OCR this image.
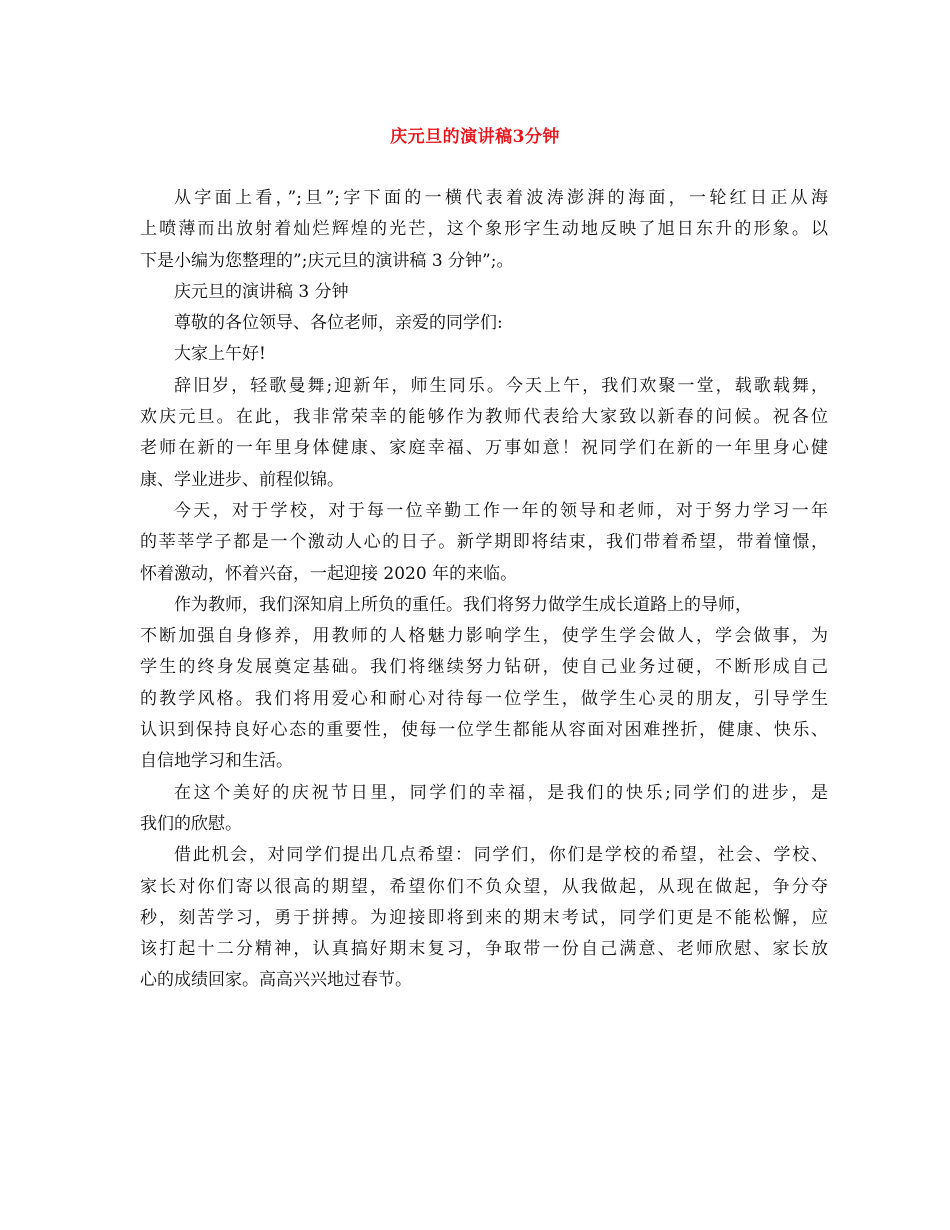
庆元旦的演讲稿3分钟
从字面上看，”;旦”;字下面的一横代表着波涛澎湃的海面，一轮红日正从海
上喷薄而出放射着灿烂辉煌的光芒，这个象形字生动地反映了旭日东升的形象。以
下是小编为您整理的”;庆元旦的演讲稿 3 分钟”;。
庆元旦的演讲稿 3 分钟
尊敬的各位领导、各位老师，亲爱的同学们:
大家上午好!
辞旧岁，轻歌曼舞;迎新年，师生同乐。今天上午，我们欢聚一堂，载歌载舞，
欢庆元旦。在此，我非常荣幸的能够作为教师代表给大家致以新春的问候。祝各位
老师在新的一年里身体健康、家庭幸福、万事如意！祝同学们在新的一年里身心健
康、学业进步、前程似锦。
今天，对于学校，对于每一位辛勤工作一年的领导和老师，对于努力学习一年
的莘莘学子都是一个激动人心的日子。新学期即将结束，我们带着希望，带着憧憬，
怀着激动，怀着兴奋，一起迎接 2020 年的来临。
作为教师，我们深知肩上所负的重任。我们将努力做学生成长道路上的导师，
不断加强自身修养，用教师的人格魅力影响学生，使学生学会做人，学会做事，为
学生的终身发展奠定基础。我们将继续努力钻研，使自己业务过硬，不断形成自己
的教学风格。我们将用爱心和耐心对待每一位学生，做学生心灵的朋友，引导学生
认识到保持良好心态的重要性，使每一位学生都能从容面对困难挫折，健康、快乐、
自信地学习和生活。
在这个美好的庆祝节日里，同学们的幸福，是我们的快乐;同学们的进步，是
我们的欣慰。
借此机会，对同学们提出几点希望：同学们，你们是学校的希望，社会、学校、
家长对你们寄以很高的期望，希望你们不负众望，从我做起，从现在做起，争分夺
秒，刻苦学习，勇于拼搏。为迎接即将到来的期末考试，同学们更是不能松懈，应
该打起十二分精神，认真搞好期末复习，争取带一份自己满意、老师欣慰、家长放
心的成绩回家。高高兴兴地过春节。
